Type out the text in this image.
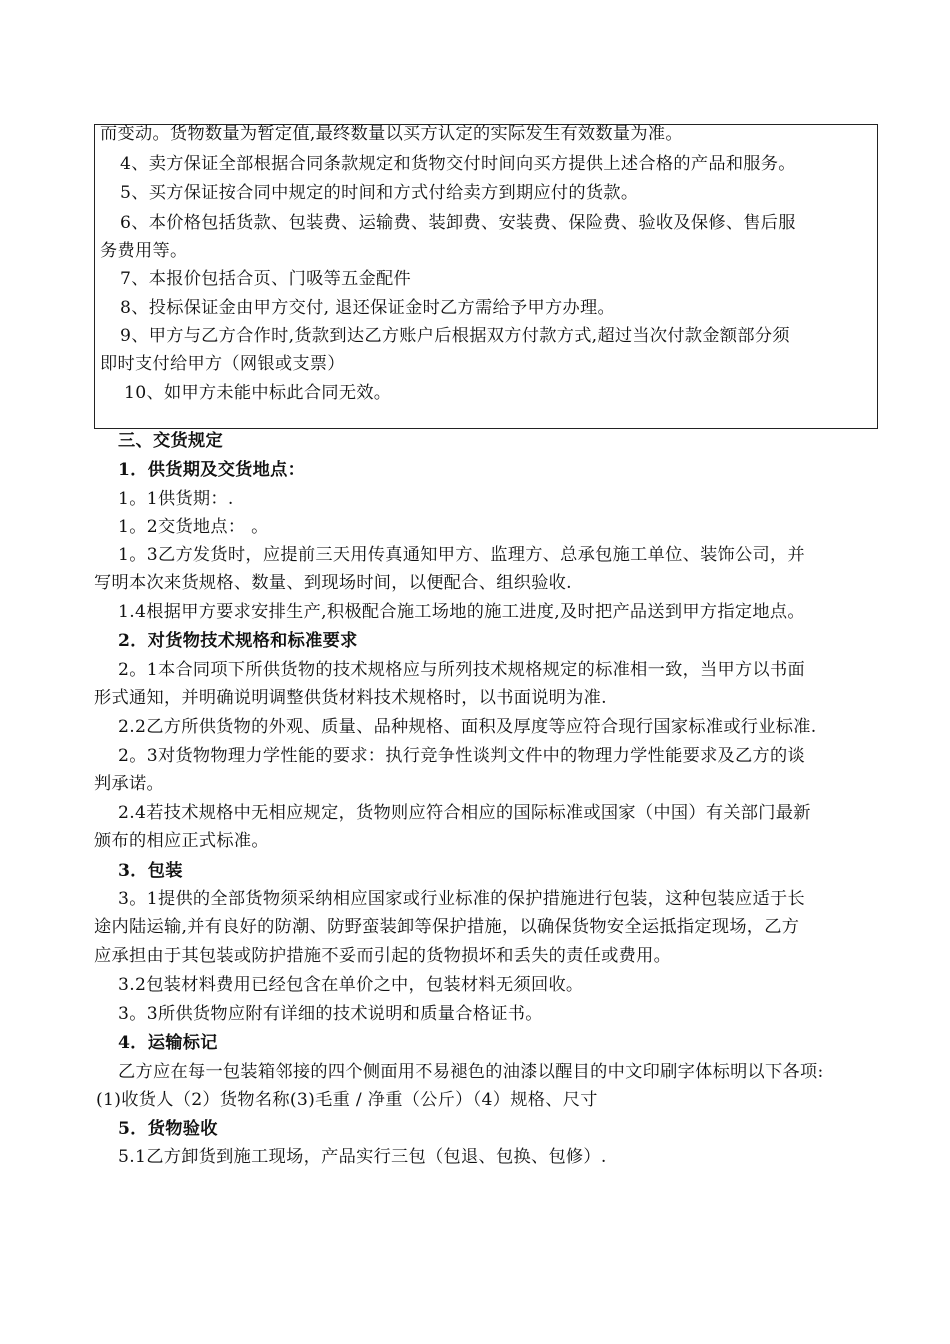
而变动。货物数量为暂定值,最终数量以买方认定的实际发生有效数量为准。
4、卖方保证全部根据合同条款规定和货物交付时间向买方提供上述合格的产品和服务。
5、买方保证按合同中规定的时间和方式付给卖方到期应付的货款。
6、本价格包括货款、包装费、运输费、装卸费、安装费、保险费、验收及保修、售后服
务费用等。
7、本报价包括合页、门吸等五金配件
8、投标保证金由甲方交付, 退还保证金时乙方需给予甲方办理。
9、甲方与乙方合作时,货款到达乙方账户后根据双方付款方式,超过当次付款金额部分须
即时支付给甲方（网银或支票）
10、如甲方未能中标此合同无效。
三、交货规定
1．供货期及交货地点：
1。1供货期：.
1。2交货地点： 。
1。3乙方发货时，应提前三天用传真通知甲方、监理方、总承包施工单位、装饰公司，并
写明本次来货规格、数量、到现场时间，以便配合、组织验收.
1.4根据甲方要求安排生产,积极配合施工场地的施工进度,及时把产品送到甲方指定地点。
2．对货物技术规格和标准要求
2。1本合同项下所供货物的技术规格应与所列技术规格规定的标准相一致，当甲方以书面
形式通知，并明确说明调整供货材料技术规格时，以书面说明为准.
2.2乙方所供货物的外观、质量、品种规格、面积及厚度等应符合现行国家标准或行业标准.
2。3对货物物理力学性能的要求：执行竞争性谈判文件中的物理力学性能要求及乙方的谈
判承诺。
2.4若技术规格中无相应规定，货物则应符合相应的国际标准或国家（中国）有关部门最新
颁布的相应正式标准。
3．包装
3。1提供的全部货物须采纳相应国家或行业标准的保护措施进行包装，这种包装应适于长
途内陆运输,并有良好的防潮、防野蛮装卸等保护措施，以确保货物安全运抵指定现场，乙方
应承担由于其包装或防护措施不妥而引起的货物损坏和丢失的责任或费用。
3.2包装材料费用已经包含在单价之中，包装材料无须回收。
3。3所供货物应附有详细的技术说明和质量合格证书。
4．运输标记
乙方应在每一包装箱邻接的四个侧面用不易褪色的油漆以醒目的中文印刷字体标明以下各项:
(1)收货人（2）货物名称(3)毛重 / 净重（公斤）（4）规格、尺寸
5．货物验收
5.1乙方卸货到施工现场，产品实行三包（包退、包换、包修）.
